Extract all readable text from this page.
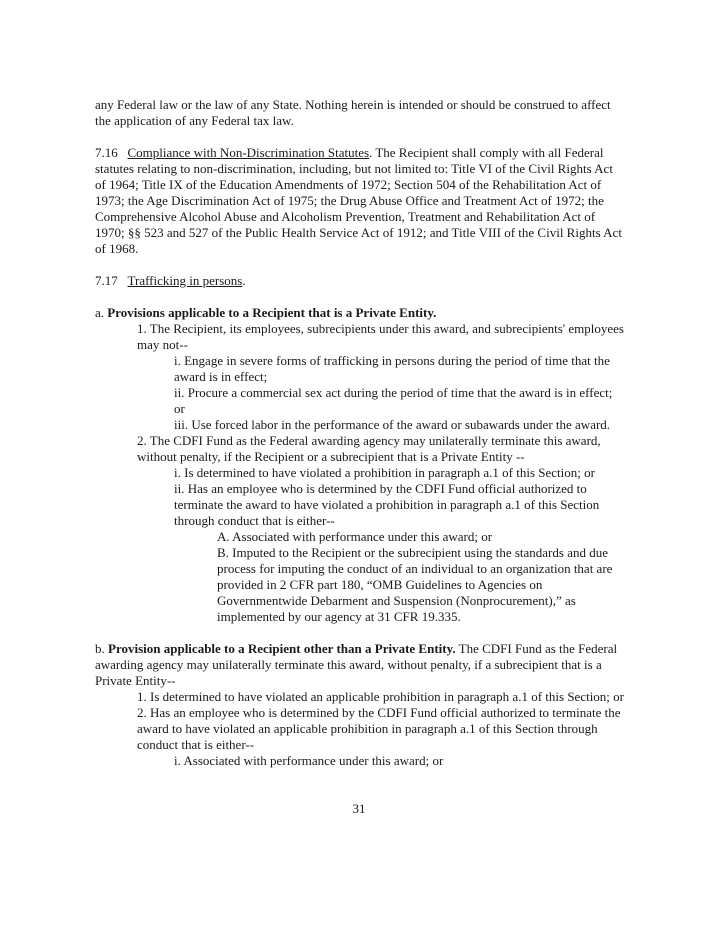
any Federal law or the law of any State. Nothing herein is intended or should be construed to affect the application of any Federal tax law.

7.16 Compliance with Non-Discrimination Statutes. The Recipient shall comply with all Federal statutes relating to non-discrimination, including, but not limited to: Title VI of the Civil Rights Act of 1964; Title IX of the Education Amendments of 1972; Section 504 of the Rehabilitation Act of 1973; the Age Discrimination Act of 1975; the Drug Abuse Office and Treatment Act of 1972; the Comprehensive Alcohol Abuse and Alcoholism Prevention, Treatment and Rehabilitation Act of 1970; §§ 523 and 527 of the Public Health Service Act of 1912; and Title VIII of the Civil Rights Act of 1968.

7.17 Trafficking in persons.

a. Provisions applicable to a Recipient that is a Private Entity.

1. The Recipient, its employees, subrecipients under this award, and subrecipients' employees may not--

i. Engage in severe forms of trafficking in persons during the period of time that the award is in effect;

ii. Procure a commercial sex act during the period of time that the award is in effect; or

iii. Use forced labor in the performance of the award or subawards under the award.

2. The CDFI Fund as the Federal awarding agency may unilaterally terminate this award, without penalty, if the Recipient or a subrecipient that is a Private Entity --

i. Is determined to have violated a prohibition in paragraph a.1 of this Section; or

ii. Has an employee who is determined by the CDFI Fund official authorized to terminate the award to have violated a prohibition in paragraph a.1 of this Section through conduct that is either--

A. Associated with performance under this award; or

B. Imputed to the Recipient or the subrecipient using the standards and due process for imputing the conduct of an individual to an organization that are provided in 2 CFR part 180, “OMB Guidelines to Agencies on Governmentwide Debarment and Suspension (Nonprocurement),” as implemented by our agency at 31 CFR 19.335.

b. Provision applicable to a Recipient other than a Private Entity. The CDFI Fund as the Federal awarding agency may unilaterally terminate this award, without penalty, if a subrecipient that is a Private Entity--

1. Is determined to have violated an applicable prohibition in paragraph a.1 of this Section; or

2. Has an employee who is determined by the CDFI Fund official authorized to terminate the award to have violated an applicable prohibition in paragraph a.1 of this Section through conduct that is either--

i. Associated with performance under this award; or

31
